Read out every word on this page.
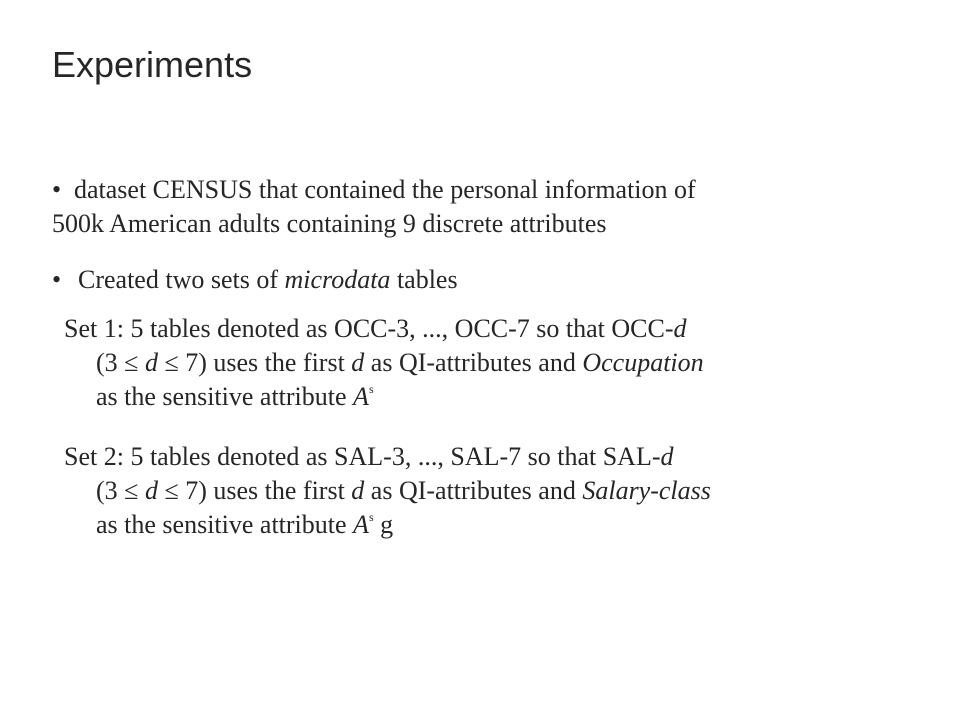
Experiments
• dataset CENSUS that contained the personal information of
500k American adults containing 9 discrete attributes
• Created two sets of microdata tables
Set 1: 5 tables denoted as OCC-3, ..., OCC-7 so that OCC-d
(3 ≤ d ≤ 7) uses the first d as QI-attributes and Occupation
as the sensitive attribute $A^s$
Set 2: 5 tables denoted as SAL-3, ..., SAL-7 so that SAL-d
(3 ≤ d ≤ 7) uses the first d as QI-attributes and Salary-class
as the sensitive attribute $A^s$ g
